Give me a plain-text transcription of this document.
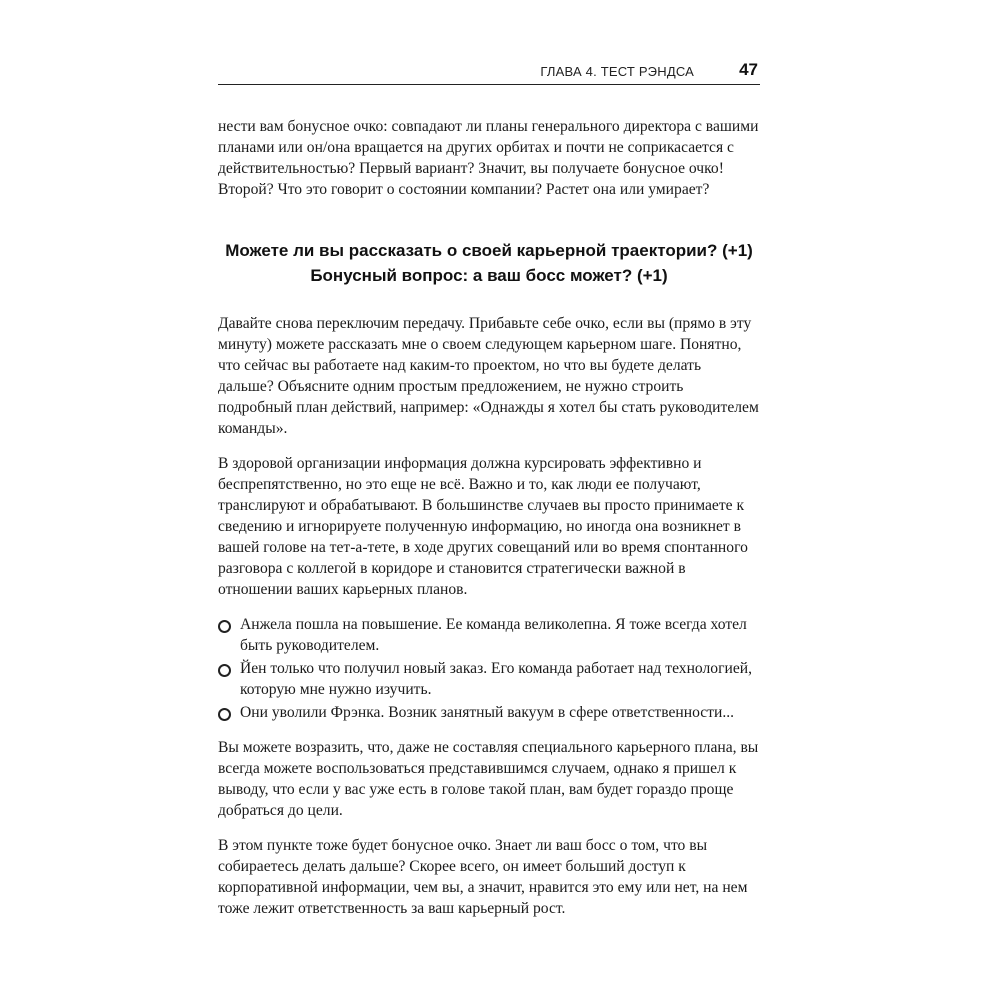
ГЛАВА 4. ТЕСТ РЭНДСА	47

нести вам бонусное очко: совпадают ли планы генерального директора с вашими планами или он/она вращается на других орбитах и почти не соприкасается с действительностью? Первый вариант? Значит, вы получаете бонусное очко! Второй? Что это говорит о состоянии компании? Растет она или умирает?

Можете ли вы рассказать о своей карьерной траектории? (+1)
Бонусный вопрос: а ваш босс может? (+1)

Давайте снова переключим передачу. Прибавьте себе очко, если вы (прямо в эту минуту) можете рассказать мне о своем следующем карьерном шаге. Понятно, что сейчас вы работаете над каким-то проектом, но что вы будете делать дальше? Объясните одним простым предложением, не нужно строить подробный план действий, например: «Однажды я хотел бы стать руководителем команды».

В здоровой организации информация должна курсировать эффективно и беспрепятственно, но это еще не всё. Важно и то, как люди ее получают, транслируют и обрабатывают. В большинстве случаев вы просто принимаете к сведению и игнорируете полученную информацию, но иногда она возникнет в вашей голове на тет-а-тете, в ходе других совещаний или во время спонтанного разговора с коллегой в коридоре и становится стратегически важной в отношении ваших карьерных планов.

Анжела пошла на повышение. Ее команда великолепна. Я тоже всегда хотел быть руководителем.
Йен только что получил новый заказ. Его команда работает над технологией, которую мне нужно изучить.
Они уволили Фрэнка. Возник занятный вакуум в сфере ответственности...

Вы можете возразить, что, даже не составляя специального карьерного плана, вы всегда можете воспользоваться представившимся случаем, однако я пришел к выводу, что если у вас уже есть в голове такой план, вам будет гораздо проще добраться до цели.

В этом пункте тоже будет бонусное очко. Знает ли ваш босс о том, что вы собираетесь делать дальше? Скорее всего, он имеет больший доступ к корпоративной информации, чем вы, а значит, нравится это ему или нет, на нем тоже лежит ответственность за ваш карьерный рост.
